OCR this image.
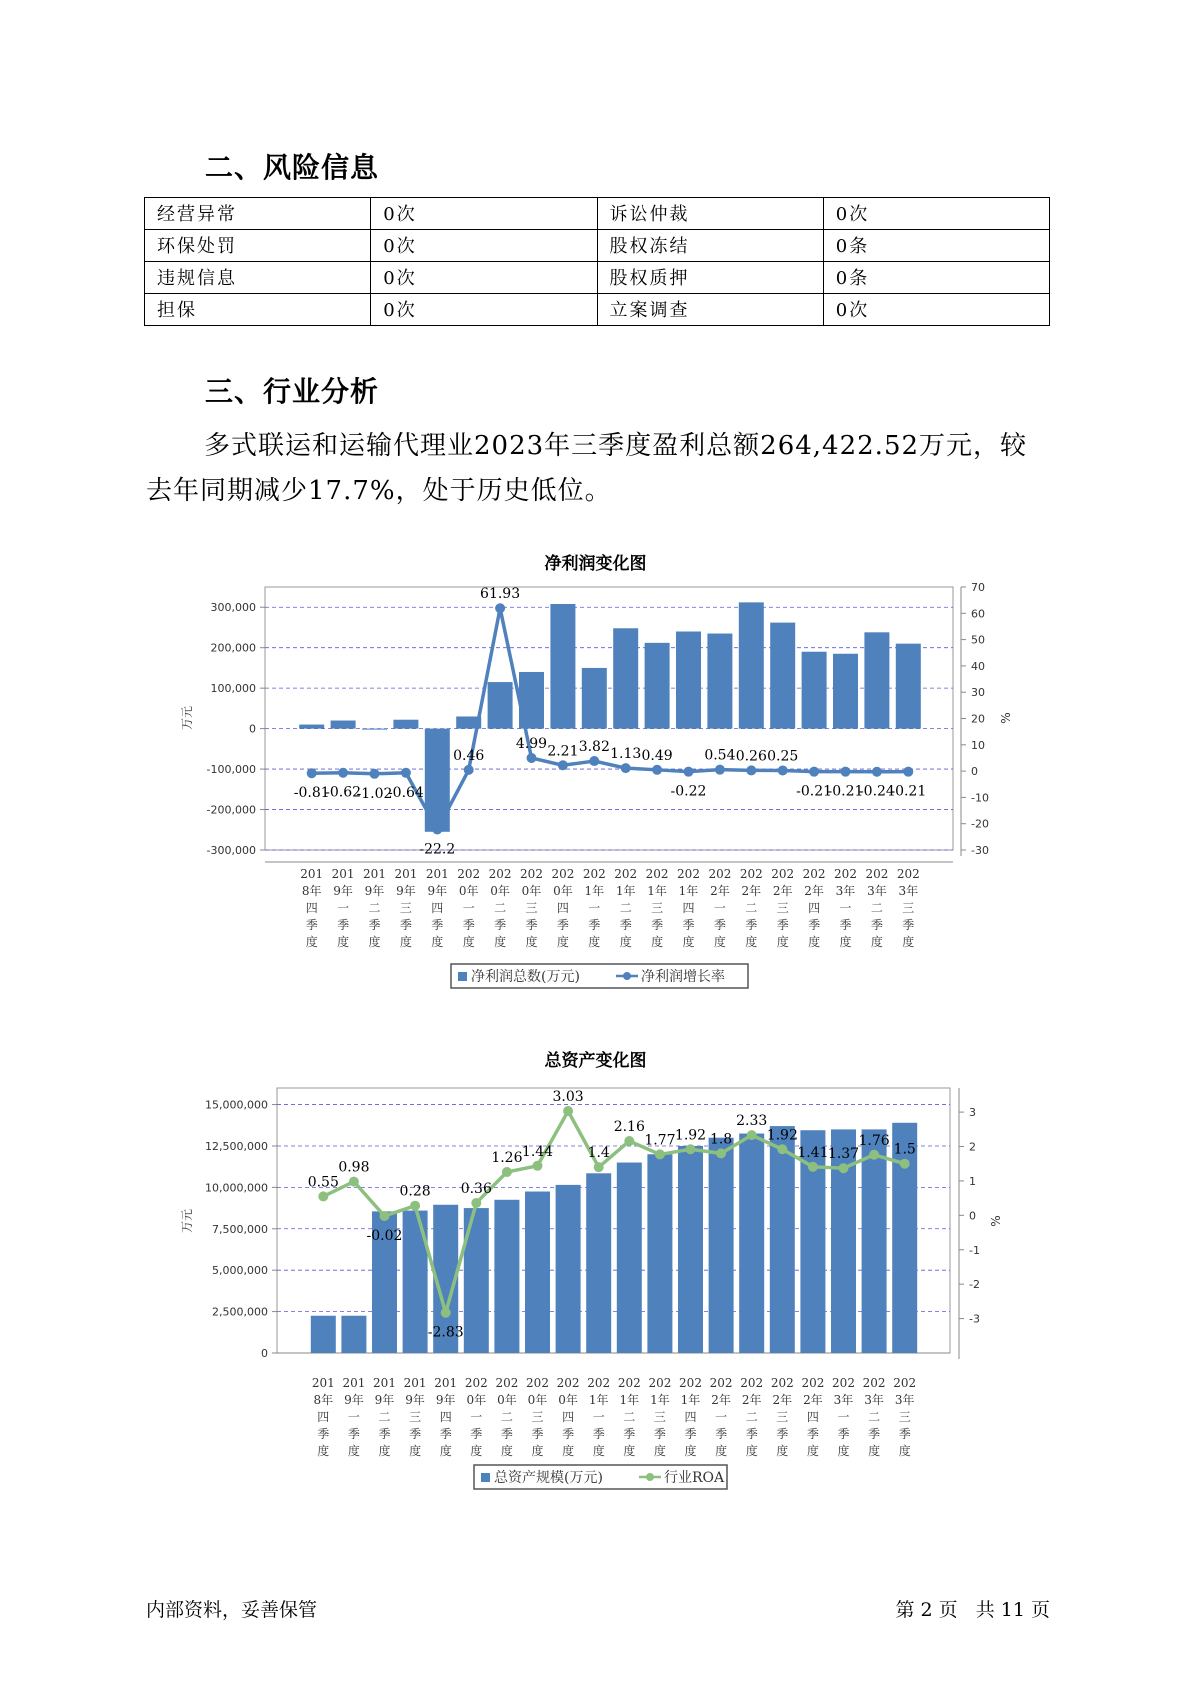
二、风险信息
经营异常	0次	诉讼仲裁	0次
环保处罚	0次	股权冻结	0条
违规信息	0次	股权质押	0条
担保	0次	立案调查	0次
三、行业分析
多式联运和运输代理业2023年三季度盈利总额264,422.52万元，较去年同期减少17.7%，处于历史低位。
净利润变化图
300,000
200,000
100,000
0
-100,000
-200,000
-300,000
70
60
50
40
30
20
10
0
-10
-20
-30
万元	%
-0.81
-0.62
-1.02
-0.64
-22.2
0.46
61.93
4.99 2.21 3.82 1.13 0.49
-0.22
0.54 0.26 0.25
-0.21
-0.21
-0.24
-0.21
201 8年四季度
201 9年一季度
201 9年二季度
201 9年三季度
201 9年四季度
202 0年一季度
202 0年二季度
202 0年三季度
202 0年四季度
202 1年一季度
202 1年二季度
202 1年三季度
202 1年四季度
202 2年一季度
202 2年二季度
202 2年三季度
202 2年四季度
202 3年一季度
202 3年二季度
202 3年三季度
净利润总数(万元)	净利润增长率
总资产变化图
15,000,000
12,500,000
10,000,000
7,500,000
5,000,000
2,500,000
0
3
2
1
0
-1
-2
-3
万元	%
0.55
0.98
-0.02
0.28
-2.83
0.36
1.26 1.44
3.03
1.4
2.16
1.77 1.92 1.8
2.33
1.92
1.41 1.37
1.76
1.5
201 8年四季度
201 9年一季度
201 9年二季度
201 9年三季度
201 9年四季度
202 0年一季度
202 0年二季度
202 0年三季度
202 0年四季度
202 1年一季度
202 1年二季度
202 1年三季度
202 1年四季度
202 2年一季度
202 2年二季度
202 2年三季度
202 2年四季度
202 3年一季度
202 3年二季度
202 3年三季度
总资产规模(万元)	行业ROA
内部资料，妥善保管	第 2 页   共 11 页
